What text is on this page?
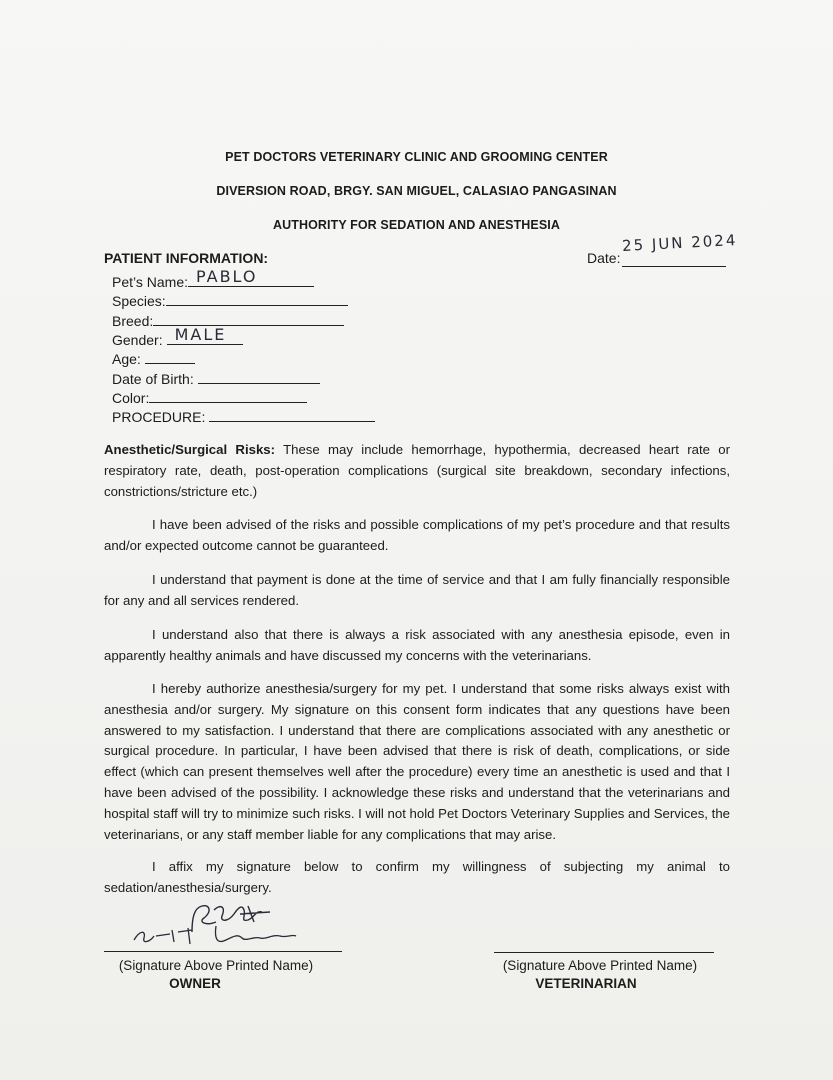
PET DOCTORS VETERINARY CLINIC AND GROOMING CENTER
DIVERSION ROAD, BRGY. SAN MIGUEL, CALASIAO PANGASINAN
AUTHORITY FOR SEDATION AND ANESTHESIA
PATIENT INFORMATION:
Pet’s Name: PABLO
Species:
Breed:
Gender: MALE
Age:
Date of Birth:
Color:
PROCEDURE:
Date:
25 JUN 2024
Anesthetic/Surgical Risks: These may include hemorrhage, hypothermia, decreased heart rate or respiratory rate, death, post-operation complications (surgical site breakdown, secondary infections, constrictions/stricture etc.)
I have been advised of the risks and possible complications of my pet’s procedure and that results and/or expected outcome cannot be guaranteed.
I understand that payment is done at the time of service and that I am fully financially responsible for any and all services rendered.
I understand also that there is always a risk associated with any anesthesia episode, even in apparently healthy animals and have discussed my concerns with the veterinarians.
I hereby authorize anesthesia/surgery for my pet. I understand that some risks always exist with anesthesia and/or surgery. My signature on this consent form indicates that any questions have been answered to my satisfaction. I understand that there are complications associated with any anesthetic or surgical procedure. In particular, I have been advised that there is risk of death, complications, or side effect (which can present themselves well after the procedure) every time an anesthetic is used and that I have been advised of the possibility. I acknowledge these risks and understand that the veterinarians and hospital staff will try to minimize such risks. I will not hold Pet Doctors Veterinary Supplies and Services, the veterinarians, or any staff member liable for any complications that may arise.
I affix my signature below to confirm my willingness of subjecting my animal to sedation/anesthesia/surgery.
(Signature Above Printed Name)
OWNER
(Signature Above Printed Name)
VETERINARIAN
